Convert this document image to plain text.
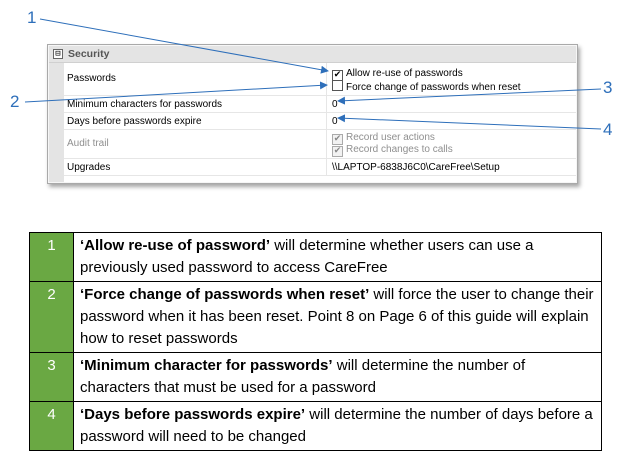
1
2
3
4
⊟ Security
Passwords	✔ Allow re-use of passwords
Force change of passwords when reset
Minimum characters for passwords	0
Days before passwords expire	0
Audit trail	✔ Record user actions
✔ Record changes to calls
Upgrades	\\LAPTOP-6838J6C0\CareFree\Setup
1	‘Allow re-use of password’ will determine whether users can use a previously used password to access CareFree
2	‘Force change of passwords when reset’ will force the user to change their password when it has been reset. Point 8 on Page 6 of this guide will explain how to reset passwords
3	‘Minimum character for passwords’ will determine the number of characters that must be used for a password
4	‘Days before passwords expire’ will determine the number of days before a password will need to be changed
